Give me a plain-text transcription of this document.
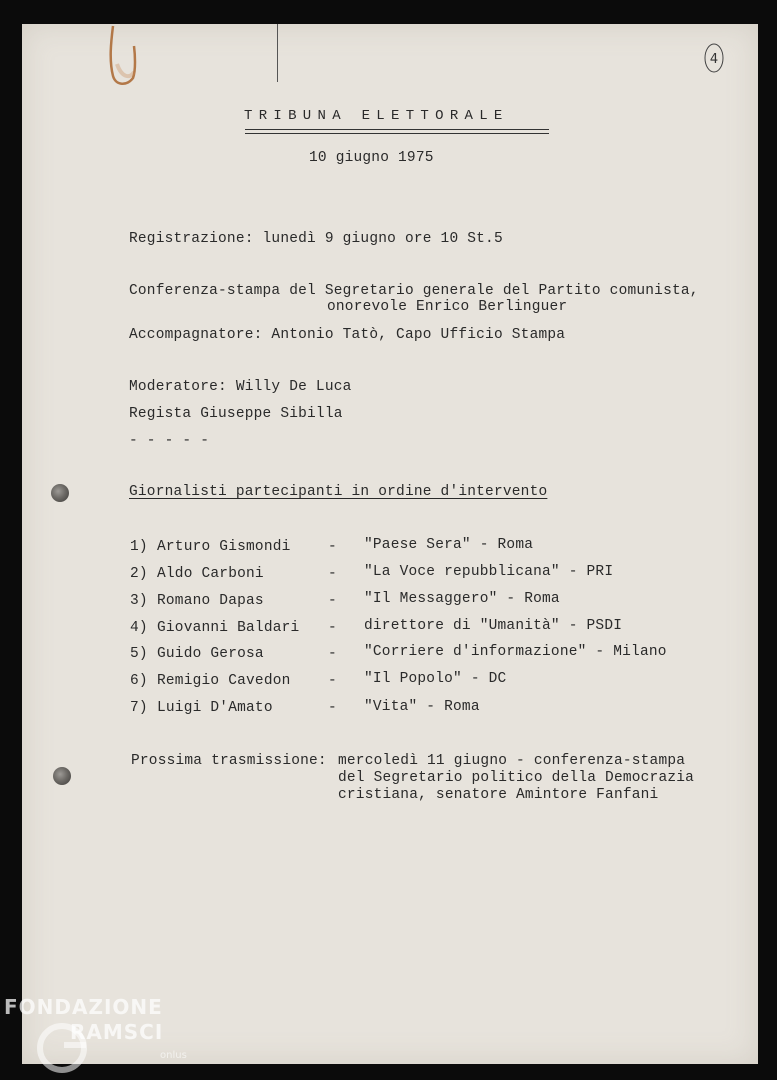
4
TRIBUNA ELETTORALE
10 giugno 1975
Registrazione: lunedì 9 giugno ore 10 St.5
Conferenza-stampa del Segretario generale del Partito comunista,
onorevole Enrico Berlinguer
Accompagnatore: Antonio Tatò, Capo Ufficio Stampa
Moderatore: Willy De Luca
Regista Giuseppe Sibilla
- - - - -
Giornalisti partecipanti in ordine d'intervento
1) Arturo Gismondi	- "Paese Sera" - Roma
2) Aldo Carboni	- "La Voce repubblicana" - PRI
3) Romano Dapas	- "Il Messaggero" - Roma
4) Giovanni Baldari - direttore di "Umanità" - PSDI
5) Guido Gerosa	- "Corriere d'informazione" - Milano
6) Remigio Cavedon	- "Il Popolo" - DC
7) Luigi D'Amato	- "Vita" - Roma
Prossima trasmissione: mercoledì 11 giugno - conferenza-stampa
del Segretario politico della Democrazia
cristiana, senatore Amintore Fanfani
FONDAZIONE
RAMSCI
onlus
